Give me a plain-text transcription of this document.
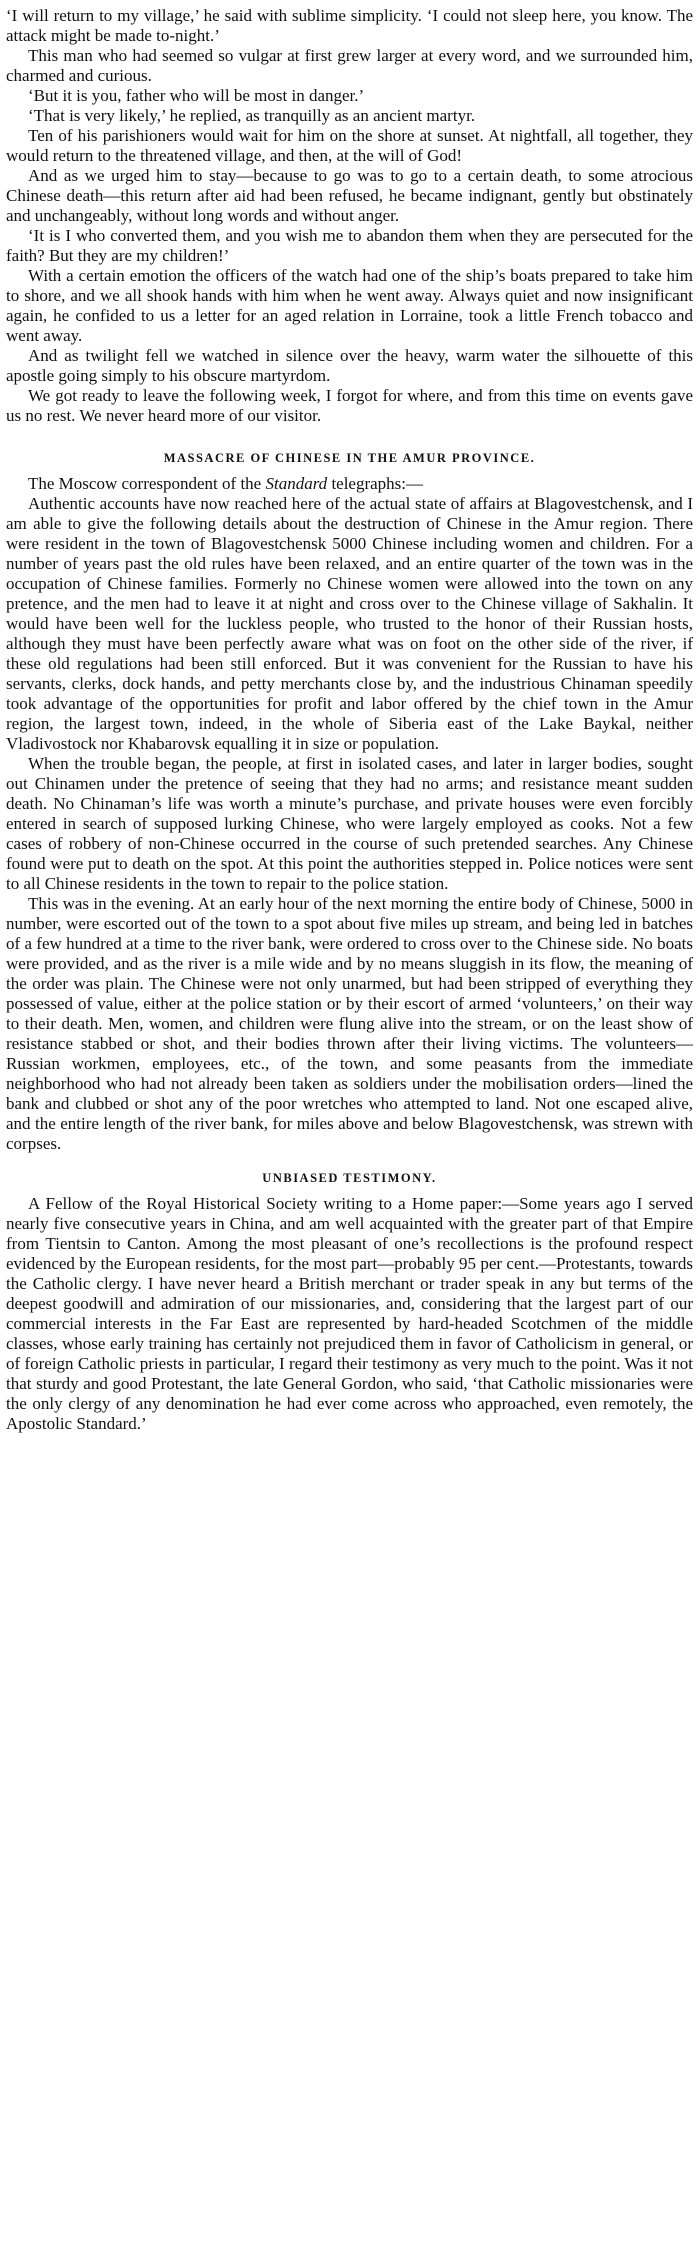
‘I will return to my village,’ he said with sublime simplicity. ‘I could not sleep here, you know. The attack might be made to-night.’

This man who had seemed so vulgar at first grew larger at every word, and we surrounded him, charmed and curious.

‘But it is you, father who will be most in danger.’

‘That is very likely,’ he replied, as tranquilly as an ancient martyr.

Ten of his parishioners would wait for him on the shore at sunset. At nightfall, all together, they would return to the threatened village, and then, at the will of God!

And as we urged him to stay—because to go was to go to a certain death, to some atrocious Chinese death—this return after aid had been refused, he became indignant, gently but obstinately and unchangeably, without long words and without anger.

‘It is I who converted them, and you wish me to abandon them when they are persecuted for the faith? But they are my children!’

With a certain emotion the officers of the watch had one of the ship’s boats prepared to take him to shore, and we all shook hands with him when he went away. Always quiet and now insignificant again, he confided to us a letter for an aged relation in Lorraine, took a little French tobacco and went away.

And as twilight fell we watched in silence over the heavy, warm water the silhouette of this apostle going simply to his obscure martyrdom.

We got ready to leave the following week, I forgot for where, and from this time on events gave us no rest. We never heard more of our visitor.

MASSACRE OF CHINESE IN THE AMUR PROVINCE.

The Moscow correspondent of the Standard telegraphs:—

Authentic accounts have now reached here of the actual state of affairs at Blagovestchensk, and I am able to give the following details about the destruction of Chinese in the Amur region. There were resident in the town of Blagovestchensk 5000 Chinese including women and children. For a number of years past the old rules have been relaxed, and an entire quarter of the town was in the occupation of Chinese families. Formerly no Chinese women were allowed into the town on any pretence, and the men had to leave it at night and cross over to the Chinese village of Sakhalin. It would have been well for the luckless people, who trusted to the honor of their Russian hosts, although they must have been perfectly aware what was on foot on the other side of the river, if these old regulations had been still enforced. But it was convenient for the Russian to have his servants, clerks, dock hands, and petty merchants close by, and the industrious Chinaman speedily took advantage of the opportunities for profit and labor offered by the chief town in the Amur region, the largest town, indeed, in the whole of Siberia east of the Lake Baykal, neither Vladivostock nor Khabarovsk equalling it in size or population.

When the trouble began, the people, at first in isolated cases, and later in larger bodies, sought out Chinamen under the pretence of seeing that they had no arms; and resistance meant sudden death. No Chinaman’s life was worth a minute’s purchase, and private houses were even forcibly entered in search of supposed lurking Chinese, who were largely employed as cooks. Not a few cases of robbery of non-Chinese occurred in the course of such pretended searches. Any Chinese found were put to death on the spot. At this point the authorities stepped in. Police notices were sent to all Chinese residents in the town to repair to the police station.

This was in the evening. At an early hour of the next morning the entire body of Chinese, 5000 in number, were escorted out of the town to a spot about five miles up stream, and being led in batches of a few hundred at a time to the river bank, were ordered to cross over to the Chinese side. No boats were provided, and as the river is a mile wide and by no means sluggish in its flow, the meaning of the order was plain. The Chinese were not only unarmed, but had been stripped of everything they possessed of value, either at the police station or by their escort of armed ‘volunteers,’ on their way to their death. Men, women, and children were flung alive into the stream, or on the least show of resistance stabbed or shot, and their bodies thrown after their living victims. The volunteers—Russian workmen, employees, etc., of the town, and some peasants from the immediate neighborhood who had not already been taken as soldiers under the mobilisation orders—lined the bank and clubbed or shot any of the poor wretches who attempted to land. Not one escaped alive, and the entire length of the river bank, for miles above and below Blagovestchensk, was strewn with corpses.

UNBIASED TESTIMONY.

A Fellow of the Royal Historical Society writing to a Home paper:—Some years ago I served nearly five consecutive years in China, and am well acquainted with the greater part of that Empire from Tientsin to Canton. Among the most pleasant of one’s recollections is the profound respect evidenced by the European residents, for the most part—probably 95 per cent.—Protestants, towards the Catholic clergy. I have never heard a British merchant or trader speak in any but terms of the deepest goodwill and admiration of our missionaries, and, considering that the largest part of our commercial interests in the Far East are represented by hard-headed Scotchmen of the middle classes, whose early training has certainly not prejudiced them in favor of Catholicism in general, or of foreign Catholic priests in particular, I regard their testimony as very much to the point. Was it not that sturdy and good Protestant, the late General Gordon, who said, ‘that Catholic missionaries were the only clergy of any denomination he had ever come across who approached, even remotely, the Apostolic Standard.’
